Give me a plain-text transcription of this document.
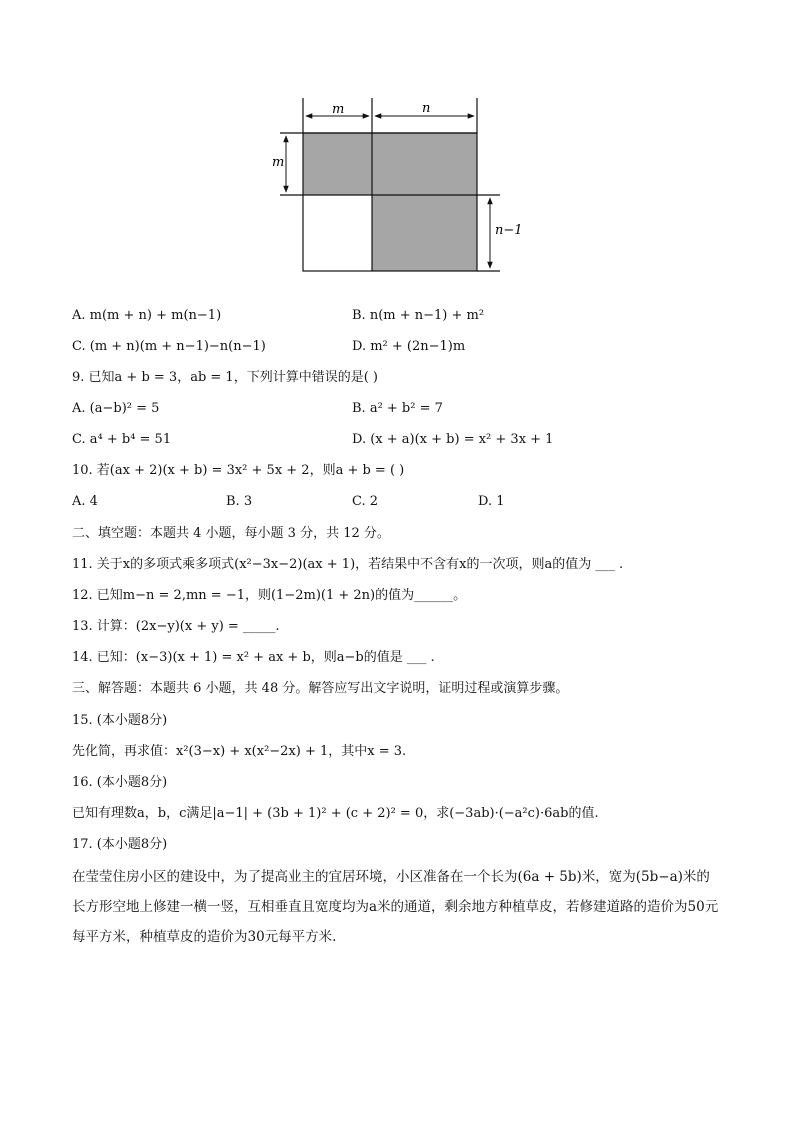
m	n
m
n−1
A. m(m + n) + m(n−1)	B. n(m + n−1) + m²
C. (m + n)(m + n−1)−n(n−1)	D. m² + (2n−1)m
9. 已知a + b = 3，ab = 1，下列计算中错误的是( )
A. (a−b)² = 5	B. a² + b² = 7
C. a⁴ + b⁴ = 51	D. (x + a)(x + b) = x² + 3x + 1
10. 若(ax + 2)(x + b) = 3x² + 5x + 2，则a + b = ( )
A. 4	B. 3	C. 2	D. 1
二、填空题：本题共 4 小题，每小题 3 分，共 12 分。
11. 关于x的多项式乘多项式(x²−3x−2)(ax + 1)，若结果中不含有x的一次项，则a的值为 ___ .
12. 已知m−n = 2,mn = −1，则(1−2m)(1 + 2n)的值为______。
13. 计算：(2x−y)(x + y) = _____.
14. 已知：(x−3)(x + 1) = x² + ax + b，则a−b的值是 ___ .
三、解答题：本题共 6 小题，共 48 分。解答应写出文字说明，证明过程或演算步骤。
15. (本小题8分)
先化简，再求值：x²(3−x) + x(x²−2x) + 1，其中x = 3.
16. (本小题8分)
已知有理数a，b，c满足|a−1| + (3b + 1)² + (c + 2)² = 0，求(−3ab)·(−a²c)·6ab的值.
17. (本小题8分)
在莹莹住房小区的建设中，为了提高业主的宜居环境，小区准备在一个长为(6a + 5b)米，宽为(5b−a)米的长方形空地上修建一横一竖，互相垂直且宽度均为a米的通道，剩余地方种植草皮，若修建道路的造价为50元每平方米，种植草皮的造价为30元每平方米.
